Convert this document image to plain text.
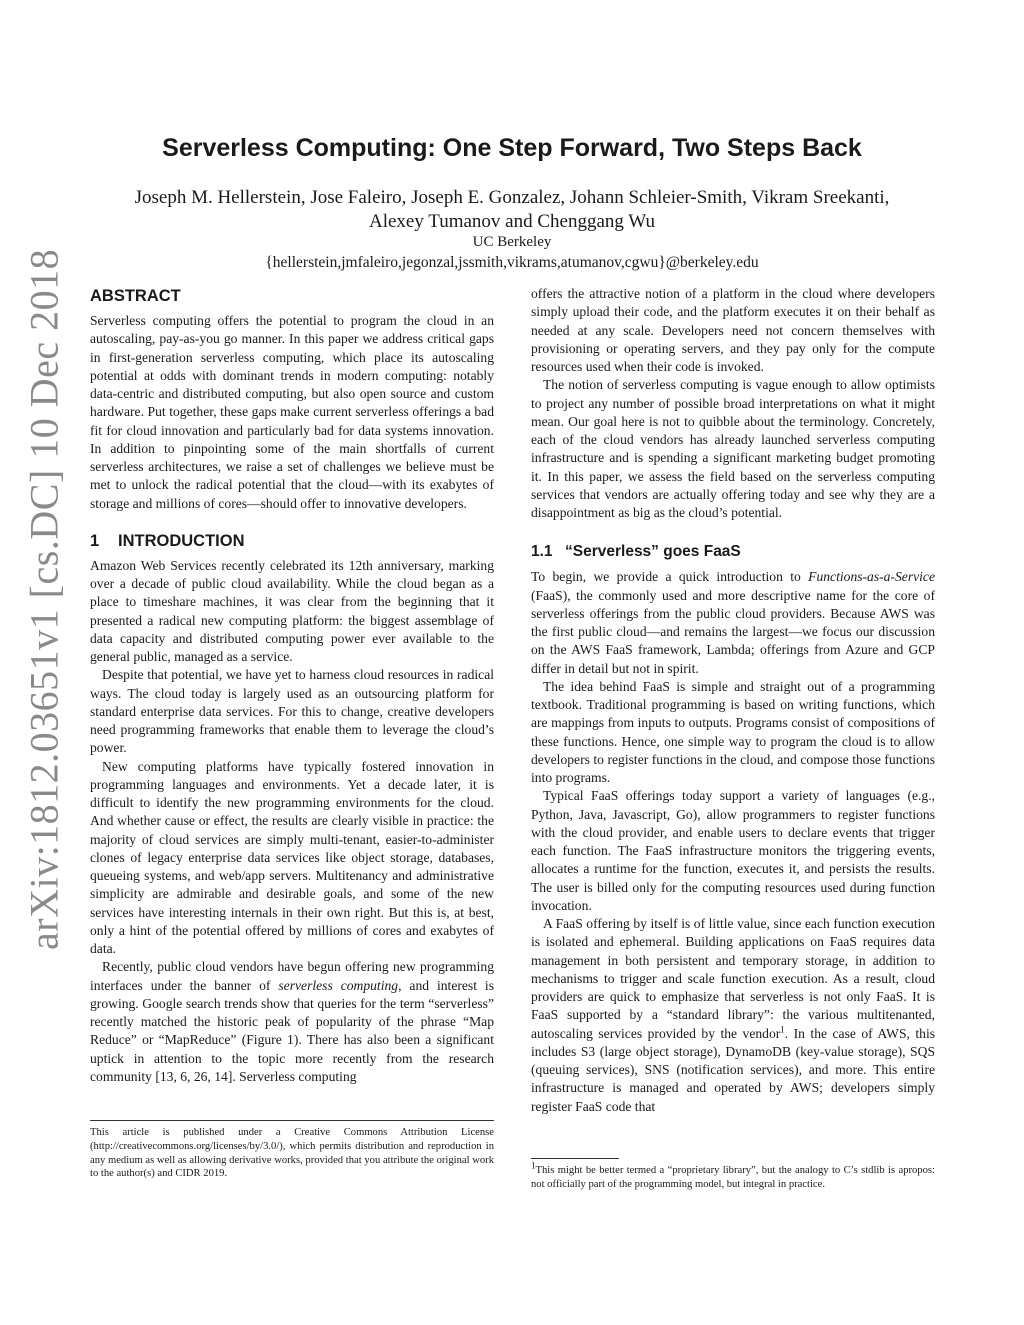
arXiv:1812.03651v1 [cs.DC] 10 Dec 2018
Serverless Computing: One Step Forward, Two Steps Back
Joseph M. Hellerstein, Jose Faleiro, Joseph E. Gonzalez, Johann Schleier-Smith, Vikram Sreekanti,
Alexey Tumanov and Chenggang Wu
UC Berkeley
{hellerstein,jmfaleiro,jegonzal,jssmith,vikrams,atumanov,cgwu}@berkeley.edu
ABSTRACT

Serverless computing offers the potential to program the cloud in an autoscaling, pay-as-you go manner. In this paper we address critical gaps in first-generation serverless computing, which place its autoscaling potential at odds with dominant trends in modern computing: notably data-centric and distributed computing, but also open source and custom hardware. Put together, these gaps make current serverless offerings a bad fit for cloud innovation and particularly bad for data systems innovation. In addition to pinpointing some of the main shortfalls of current serverless architectures, we raise a set of challenges we believe must be met to unlock the radical potential that the cloud—with its exabytes of storage and millions of cores—should offer to innovative developers.

1 INTRODUCTION

Amazon Web Services recently celebrated its 12th anniversary, marking over a decade of public cloud availability. While the cloud began as a place to timeshare machines, it was clear from the beginning that it presented a radical new computing platform: the biggest assemblage of data capacity and distributed computing power ever available to the general public, managed as a service.

Despite that potential, we have yet to harness cloud resources in radical ways. The cloud today is largely used as an outsourcing platform for standard enterprise data services. For this to change, creative developers need programming frameworks that enable them to leverage the cloud’s power.

New computing platforms have typically fostered innovation in programming languages and environments. Yet a decade later, it is difficult to identify the new programming environments for the cloud. And whether cause or effect, the results are clearly visible in practice: the majority of cloud services are simply multi-tenant, easier-to-administer clones of legacy enterprise data services like object storage, databases, queueing systems, and web/app servers. Multitenancy and administrative simplicity are admirable and desirable goals, and some of the new services have interesting internals in their own right. But this is, at best, only a hint of the potential offered by millions of cores and exabytes of data.

Recently, public cloud vendors have begun offering new programming interfaces under the banner of serverless computing, and interest is growing. Google search trends show that queries for the term “serverless” recently matched the historic peak of popularity of the phrase “Map Reduce” or “MapReduce” (Figure 1). There has also been a significant uptick in attention to the topic more recently from the research community [13, 6, 26, 14]. Serverless computing

This article is published under a Creative Commons Attribution License (http://creativecommons.org/licenses/by/3.0/), which permits distribution and reproduction in any medium as well as allowing derivative works, provided that you attribute the original work to the author(s) and CIDR 2019.

offers the attractive notion of a platform in the cloud where developers simply upload their code, and the platform executes it on their behalf as needed at any scale. Developers need not concern themselves with provisioning or operating servers, and they pay only for the compute resources used when their code is invoked.

The notion of serverless computing is vague enough to allow optimists to project any number of possible broad interpretations on what it might mean. Our goal here is not to quibble about the terminology. Concretely, each of the cloud vendors has already launched serverless computing infrastructure and is spending a significant marketing budget promoting it. In this paper, we assess the field based on the serverless computing services that vendors are actually offering today and see why they are a disappointment as big as the cloud’s potential.

1.1 “Serverless” goes FaaS

To begin, we provide a quick introduction to Functions-as-a-Service (FaaS), the commonly used and more descriptive name for the core of serverless offerings from the public cloud providers. Because AWS was the first public cloud—and remains the largest—we focus our discussion on the AWS FaaS framework, Lambda; offerings from Azure and GCP differ in detail but not in spirit.

The idea behind FaaS is simple and straight out of a programming textbook. Traditional programming is based on writing functions, which are mappings from inputs to outputs. Programs consist of compositions of these functions. Hence, one simple way to program the cloud is to allow developers to register functions in the cloud, and compose those functions into programs.

Typical FaaS offerings today support a variety of languages (e.g., Python, Java, Javascript, Go), allow programmers to register functions with the cloud provider, and enable users to declare events that trigger each function. The FaaS infrastructure monitors the triggering events, allocates a runtime for the function, executes it, and persists the results. The user is billed only for the computing resources used during function invocation.

A FaaS offering by itself is of little value, since each function execution is isolated and ephemeral. Building applications on FaaS requires data management in both persistent and temporary storage, in addition to mechanisms to trigger and scale function execution. As a result, cloud providers are quick to emphasize that serverless is not only FaaS. It is FaaS supported by a “standard library”: the various multitenanted, autoscaling services provided by the vendor$^1$. In the case of AWS, this includes S3 (large object storage), DynamoDB (key-value storage), SQS (queuing services), SNS (notification services), and more. This entire infrastructure is managed and operated by AWS; developers simply register FaaS code that

$^1$This might be better termed a “proprietary library”, but the analogy to C’s stdlib is apropos: not officially part of the programming model, but integral in practice.
